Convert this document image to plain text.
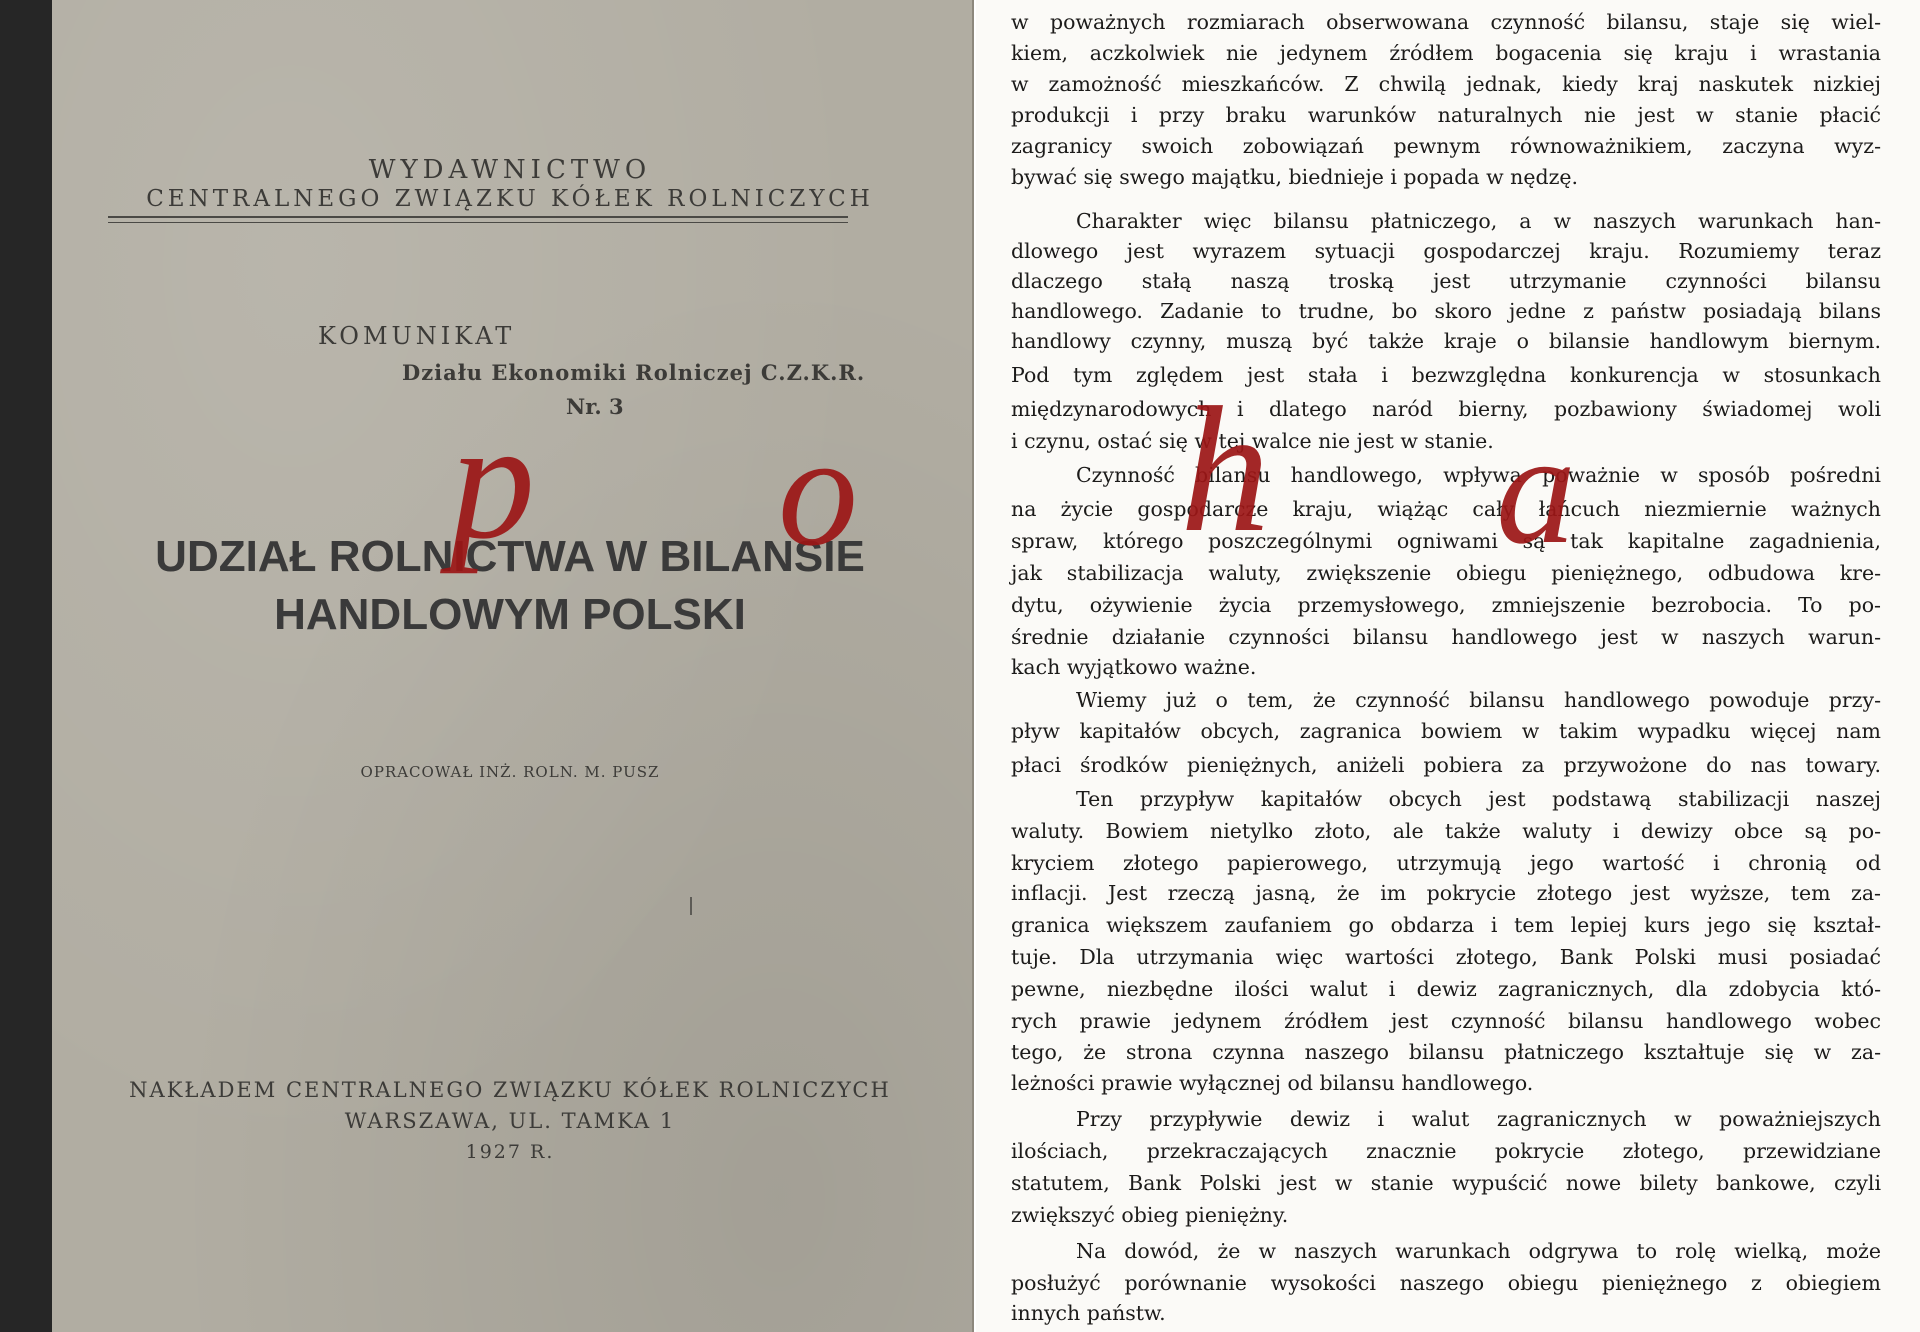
WYDAWNICTWO
CENTRALNEGO ZWIĄZKU KÓŁEK ROLNICZYCH
KOMUNIKAT
Działu Ekonomiki Rolniczej C.Z.K.R.
Nr. 3
UDZIAŁ ROLNICTWA W BILANSIE
HANDLOWYM POLSKI
OPRACOWAŁ INŻ. ROLN. M. PUSZ
NAKŁADEM CENTRALNEGO ZWIĄZKU KÓŁEK ROLNICZYCH
WARSZAWA, UL. TAMKA 1
1927 R.
w poważnych rozmiarach obserwowana czynność bilansu, staje się wiel-
kiem, aczkolwiek nie jedynem źródłem bogacenia się kraju i wrastania
w zamożność mieszkańców. Z chwilą jednak, kiedy kraj naskutek nizkiej
produkcji i przy braku warunków naturalnych nie jest w stanie płacić
zagranicy swoich zobowiązań pewnym równoważnikiem, zaczyna wyz-
bywać się swego majątku, biednieje i popada w nędzę.
Charakter więc bilansu płatniczego, a w naszych warunkach han-
dlowego jest wyrazem sytuacji gospodarczej kraju. Rozumiemy teraz
dlaczego stałą naszą troską jest utrzymanie czynności bilansu
handlowego. Zadanie to trudne, bo skoro jedne z państw posiadają bilans
handlowy czynny, muszą być także kraje o bilansie handlowym biernym.
Pod tym zględem jest stała i bezwzględna konkurencja w stosunkach
międzynarodowych i dlatego naród bierny, pozbawiony świadomej woli
i czynu, ostać się w tej walce nie jest w stanie.
Czynność bilansu handlowego, wpływa poważnie w sposób pośredni
na życie gospodarcze kraju, wiążąc cały łańcuch niezmiernie ważnych
spraw, którego poszczególnymi ogniwami są tak kapitalne zagadnienia,
jak stabilizacja waluty, zwiększenie obiegu pieniężnego, odbudowa kre-
dytu, ożywienie życia przemysłowego, zmniejszenie bezrobocia. To po-
średnie działanie czynności bilansu handlowego jest w naszych warun-
kach wyjątkowo ważne.
Wiemy już o tem, że czynność bilansu handlowego powoduje przy-
pływ kapitałów obcych, zagranica bowiem w takim wypadku więcej nam
płaci środków pieniężnych, aniżeli pobiera za przywożone do nas towary.
Ten przypływ kapitałów obcych jest podstawą stabilizacji naszej
waluty. Bowiem nietylko złoto, ale także waluty i dewizy obce są po-
kryciem złotego papierowego, utrzymują jego wartość i chronią od
inflacji. Jest rzeczą jasną, że im pokrycie złotego jest wyższe, tem za-
granica większem zaufaniem go obdarza i tem lepiej kurs jego się kształ-
tuje. Dla utrzymania więc wartości złotego, Bank Polski musi posiadać
pewne, niezbędne ilości walut i dewiz zagranicznych, dla zdobycia któ-
rych prawie jedynem źródłem jest czynność bilansu handlowego wobec
tego, że strona czynna naszego bilansu płatniczego kształtuje się w za-
leżności prawie wyłącznej od bilansu handlowego.
Przy przypływie dewiz i walut zagranicznych w poważniejszych
ilościach, przekraczających znacznie pokrycie złotego, przewidziane
statutem, Bank Polski jest w stanie wypuścić nowe bilety bankowe, czyli
zwiększyć obieg pieniężny.
Na dowód, że w naszych warunkach odgrywa to rolę wielką, może
posłużyć porównanie wysokości naszego obiegu pieniężnego z obiegiem
innych państw.
p o h a
